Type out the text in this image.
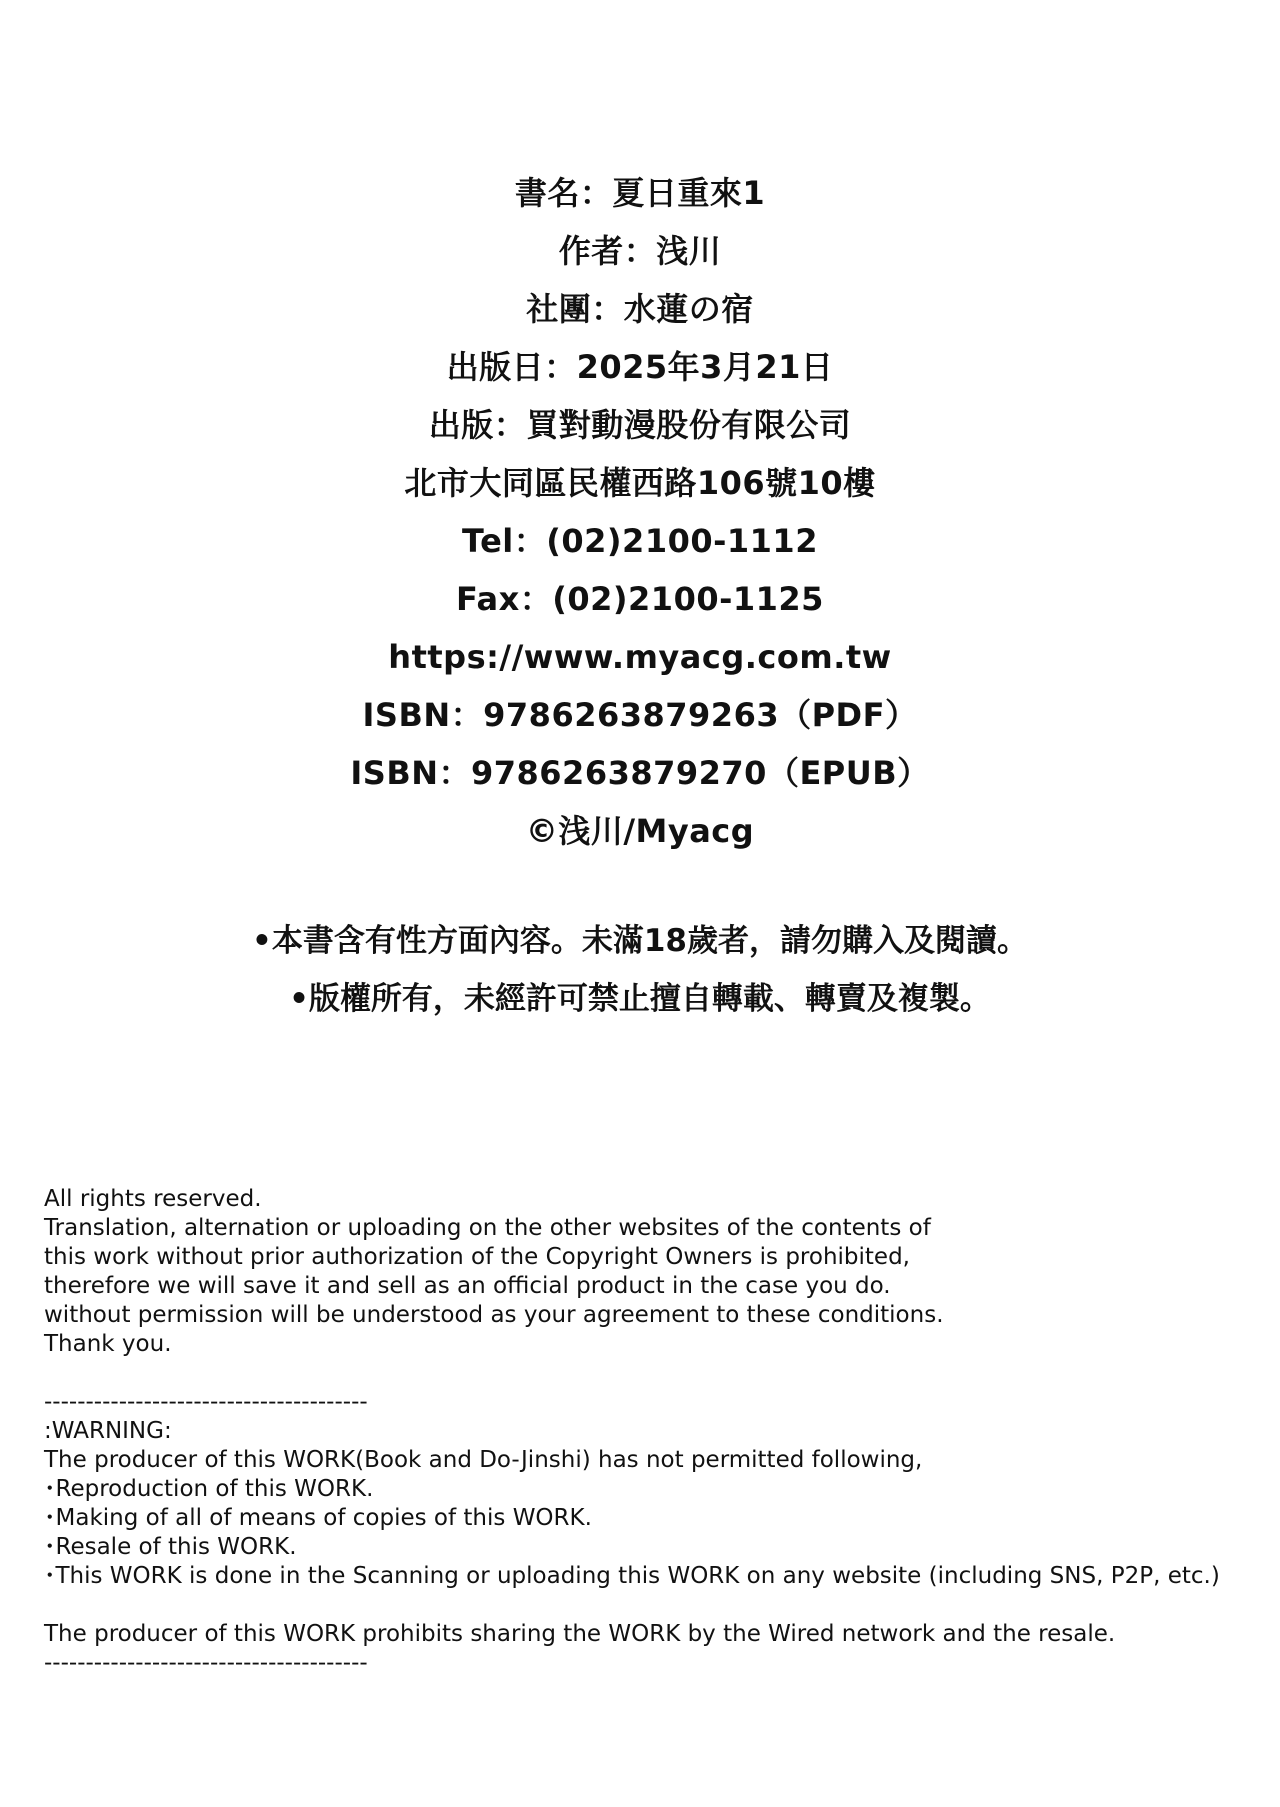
書名：夏日重來1
作者：浅川
社團：水蓮の宿
出版日：2025年3月21日
出版：買對動漫股份有限公司
北市大同區民權西路106號10樓
Tel：(02)2100-1112
Fax：(02)2100-1125
https://www.myacg.com.tw
ISBN：9786263879263（PDF）
ISBN：9786263879270（EPUB）
©浅川/Myacg
•本書含有性方面內容。未滿18歲者，請勿購入及閱讀。
•版權所有，未經許可禁止擅自轉載、轉賣及複製。
All rights reserved.
Translation, alternation or uploading on the other websites of the contents of
this work without prior authorization of the Copyright Owners is prohibited,
therefore we will save it and sell as an official product in the case you do.
without permission will be understood as your agreement to these conditions.
Thank you.
---------------------------------------
:WARNING:
The producer of this WORK(Book and Do-Jinshi) has not permitted following,
･Reproduction of this WORK.
･Making of all of means of copies of this WORK.
･Resale of this WORK.
･This WORK is done in the Scanning or uploading this WORK on any website (including SNS, P2P, etc.)
The producer of this WORK prohibits sharing the WORK by the Wired network and the resale.
---------------------------------------
